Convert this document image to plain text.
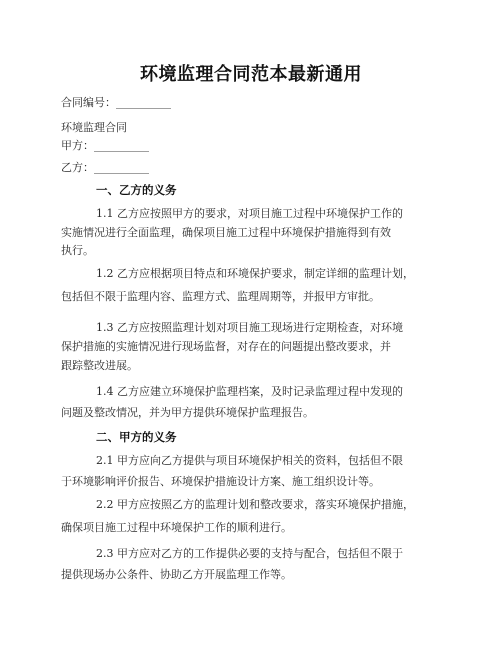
环境监理合同范本最新通用
合同编号：__________
环境监理合同
甲方：__________
乙方：__________
一、乙方的义务
1.1 乙方应按照甲方的要求，对项目施工过程中环境保护工作的
实施情况进行全面监理，确保项目施工过程中环境保护措施得到有效
执行。
1.2 乙方应根据项目特点和环境保护要求，制定详细的监理计划，
包括但不限于监理内容、监理方式、监理周期等，并报甲方审批。
1.3 乙方应按照监理计划对项目施工现场进行定期检查，对环境
保护措施的实施情况进行现场监督，对存在的问题提出整改要求，并
跟踪整改进展。
1.4 乙方应建立环境保护监理档案，及时记录监理过程中发现的
问题及整改情况，并为甲方提供环境保护监理报告。
二、甲方的义务
2.1 甲方应向乙方提供与项目环境保护相关的资料，包括但不限
于环境影响评价报告、环境保护措施设计方案、施工组织设计等。
2.2 甲方应按照乙方的监理计划和整改要求，落实环境保护措施，
确保项目施工过程中环境保护工作的顺利进行。
2.3 甲方应对乙方的工作提供必要的支持与配合，包括但不限于
提供现场办公条件、协助乙方开展监理工作等。
